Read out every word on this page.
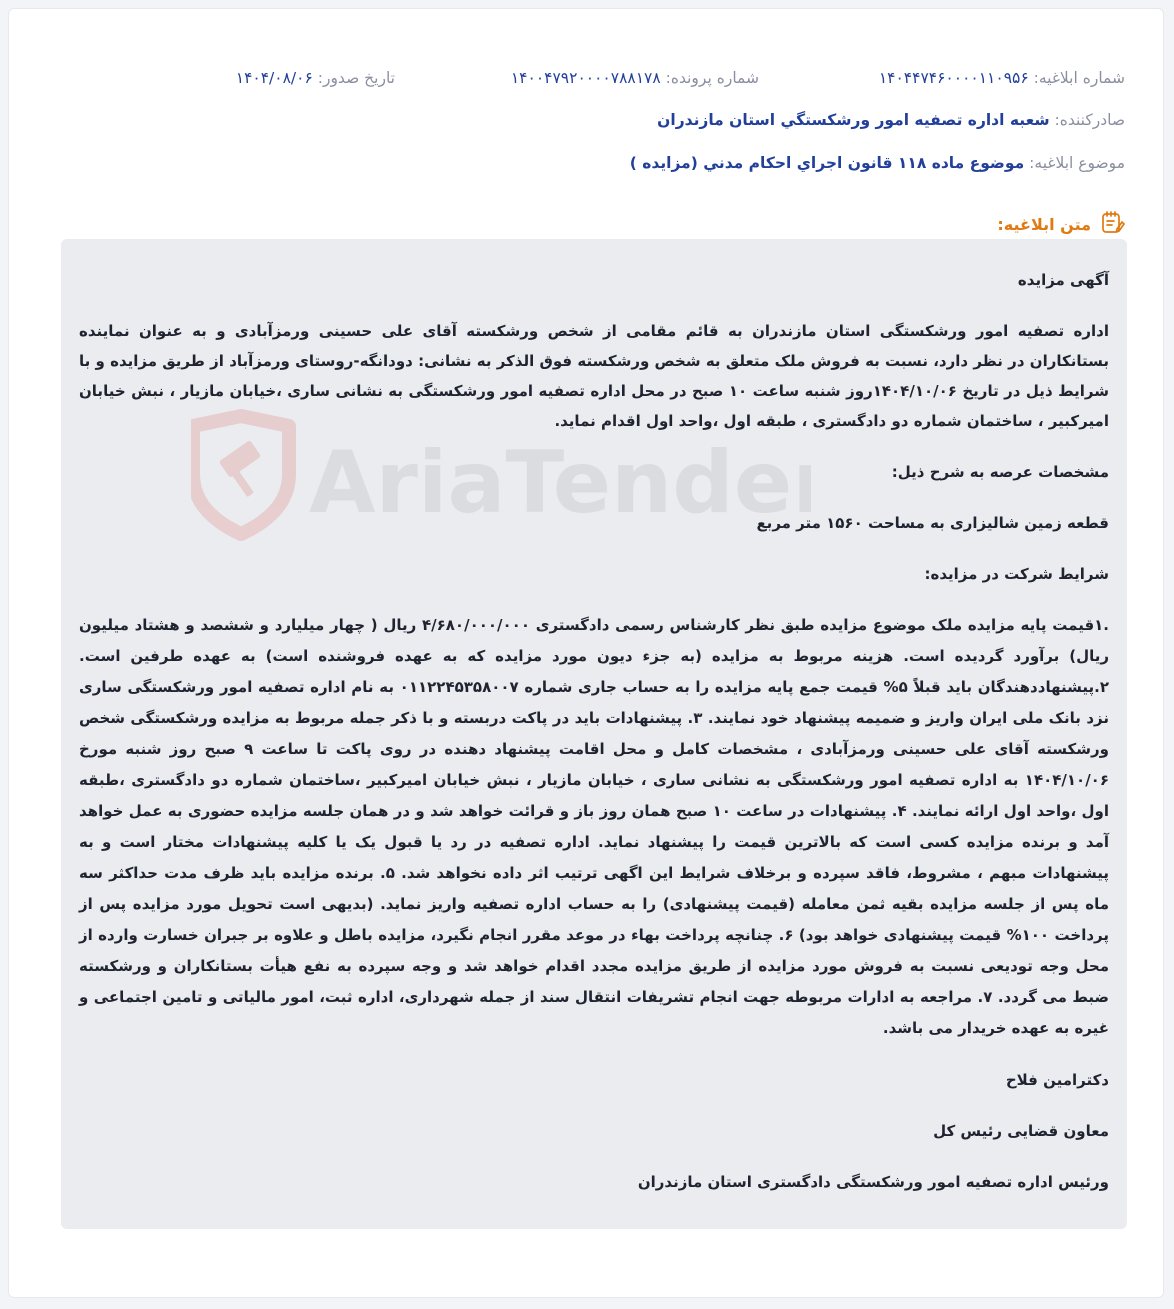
شماره ابلاغیه: ۱۴۰۴۴۷۴۶۰۰۰۰۱۱۰۹۵۶
شماره پرونده: ۱۴۰۰۴۷۹۲۰۰۰۰۷۸۸۱۷۸
تاریخ صدور: ۱۴۰۴/۰۸/۰۶
صادرکننده: شعبه اداره تصفيه امور ورشكستگي استان مازندران
موضوع ابلاغیه: موضوع ماده ۱۱۸ قانون اجراي احكام مدني (مزايده )
متن ابلاغیه:
AriaTender

آگهی مزایده

اداره تصفیه امور ورشکستگی استان مازندران به قائم مقامی از شخص ورشکسته آقای علی حسینی ورمزآبادی و به عنوان نماینده بستانکاران در نظر دارد، نسبت به فروش ملک متعلق به شخص ورشکسته فوق الذکر به نشانی: دودانگه-روستای ورمزآباد از طریق مزایده و با شرایط ذیل در تاریخ ۱۴۰۴/۱۰/۰۶روز شنبه ساعت ۱۰ صبح در محل اداره تصفیه امور ورشکستگی به نشانی ساری ،خیابان مازیار ، نبش خیابان امیرکبیر ، ساختمان شماره دو دادگستری ، طبقه اول ،واحد اول اقدام نماید.

مشخصات عرصه به شرح ذیل:

قطعه زمین شالیزاری به مساحت ۱۵۶۰ متر مربع

شرایط شرکت در مزایده:

.۱قیمت پایه مزایده ملک موضوع مزایده طبق نظر کارشناس رسمی دادگستری ۴/۶۸۰/۰۰۰/۰۰۰ ریال ( چهار میلیارد و ششصد و هشتاد میلیون ریال) برآورد گردیده است. هزینه مربوط به مزایده (به جزء دیون مورد مزایده که به عهده فروشنده است) به عهده طرفین است. ۲.پیشنهاددهندگان باید قبلاً ۵% قیمت جمع پایه مزایده را به حساب جاری شماره ۰۱۱۲۲۴۵۳۵۸۰۰۷ به نام اداره تصفیه امور ورشکستگی ساری نزد بانک ملی ایران واریز و ضمیمه پیشنهاد خود نمایند. ۳. پیشنهادات باید در پاکت دربسته و با ذکر جمله مربوط به مزایده ورشکستگی شخص ورشکسته آقای علی حسینی ورمزآبادی ، مشخصات کامل و محل اقامت پیشنهاد دهنده در روی پاکت تا ساعت ۹ صبح روز شنبه مورخ ۱۴۰۴/۱۰/۰۶ به اداره تصفیه امور ورشکستگی به نشانی ساری ، خیابان مازیار ، نبش خیابان امیرکبیر ،ساختمان شماره دو دادگستری ،طبقه اول ،واحد اول ارائه نمایند. ۴. پیشنهادات در ساعت ۱۰ صبح همان روز باز و قرائت خواهد شد و در همان جلسه مزایده حضوری به عمل خواهد آمد و برنده مزایده کسی است که بالاترین قیمت را پیشنهاد نماید. اداره تصفیه در رد یا قبول یک یا کلیه پیشنهادات مختار است و به پیشنهادات مبهم ، مشروط، فاقد سپرده و برخلاف شرایط این اگهی ترتیب اثر داده نخواهد شد. ۵. برنده مزایده باید ظرف مدت حداکثر سه ماه پس از جلسه مزایده بقیه ثمن معامله (قیمت پیشنهادی) را به حساب اداره تصفیه واریز نماید. (بدیهی است تحویل مورد مزایده پس از پرداخت ۱۰۰% قیمت پیشنهادی خواهد بود) ۶. چنانچه پرداخت بهاء در موعد مقرر انجام نگیرد، مزایده باطل و علاوه بر جبران خسارت وارده از محل وجه تودیعی نسبت به فروش مورد مزایده از طریق مزایده مجدد اقدام خواهد شد و وجه سپرده به نفع هیأت بستانکاران و ورشکسته ضبط می گردد. ۷. مراجعه به ادارات مربوطه جهت انجام تشریفات انتقال سند از جمله شهرداری، اداره ثبت، امور مالیاتی و تامین اجتماعی و غیره به عهده خریدار می باشد.

دکترامین فلاح

معاون قضایی رئیس کل

ورئیس اداره تصفیه امور ورشکستگی دادگستری استان مازندران
